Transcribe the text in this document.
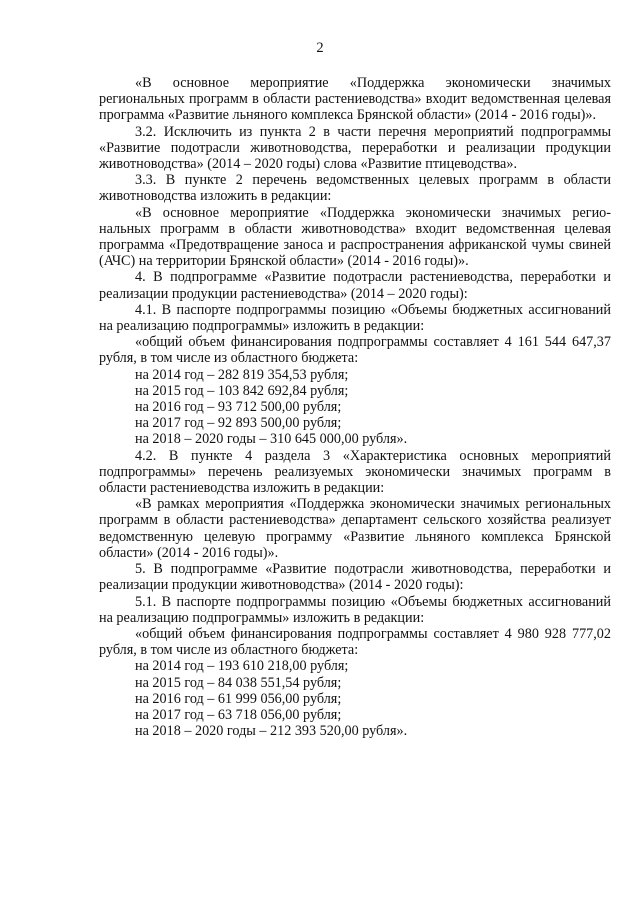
2

«В основное мероприятие «Поддержка экономически значимых региональных программ в области растениеводства» входит ведомственная целевая программа «Развитие льняного комплекса Брянской области» (2014 - 2016 годы)».

3.2. Исключить из пункта 2 в части перечня мероприятий подпрограммы «Развитие подотрасли животноводства, переработки и реализации продукции животноводства» (2014 – 2020 годы) слова «Развитие птицеводства».

3.3. В пункте 2 перечень ведомственных целевых программ в области животноводства изложить в редакции:

«В основное мероприятие «Поддержка экономически значимых регио-нальных программ в области животноводства» входит ведомственная целевая программа «Предотвращение заноса и распространения африканской чумы свиней (АЧС) на территории Брянской области» (2014 - 2016 годы)».

4. В подпрограмме «Развитие подотрасли растениеводства, переработки и реализации продукции растениеводства» (2014 – 2020 годы):

4.1. В паспорте подпрограммы позицию «Объемы бюджетных ассигнований на реализацию подпрограммы» изложить в редакции:

«общий объем финансирования подпрограммы составляет 4 161 544 647,37 рубля, в том числе из областного бюджета:

на 2014 год – 282 819 354,53 рубля;

на 2015 год – 103 842 692,84 рубля;

на 2016 год – 93 712 500,00 рубля;

на 2017 год – 92 893 500,00 рубля;

на 2018 – 2020 годы – 310 645 000,00 рубля».

4.2. В пункте 4 раздела 3 «Характеристика основных мероприятий подпрограммы» перечень реализуемых экономически значимых программ в области растениеводства изложить в редакции:

«В рамках мероприятия «Поддержка экономически значимых региональных программ в области растениеводства» департамент сельского хозяйства реализует ведомственную целевую программу «Развитие льняного комплекса Брянской области» (2014 - 2016 годы)».

5. В подпрограмме «Развитие подотрасли животноводства, переработки и реализации продукции животноводства» (2014 - 2020 годы):

5.1. В паспорте подпрограммы позицию «Объемы бюджетных ассигнований на реализацию подпрограммы» изложить в редакции:

«общий объем финансирования подпрограммы составляет 4 980 928 777,02 рубля, в том числе из областного бюджета:

на 2014 год – 193 610 218,00 рубля;

на 2015 год – 84 038 551,54 рубля;

на 2016 год – 61 999 056,00 рубля;

на 2017 год – 63 718 056,00 рубля;

на 2018 – 2020 годы – 212 393 520,00 рубля».
